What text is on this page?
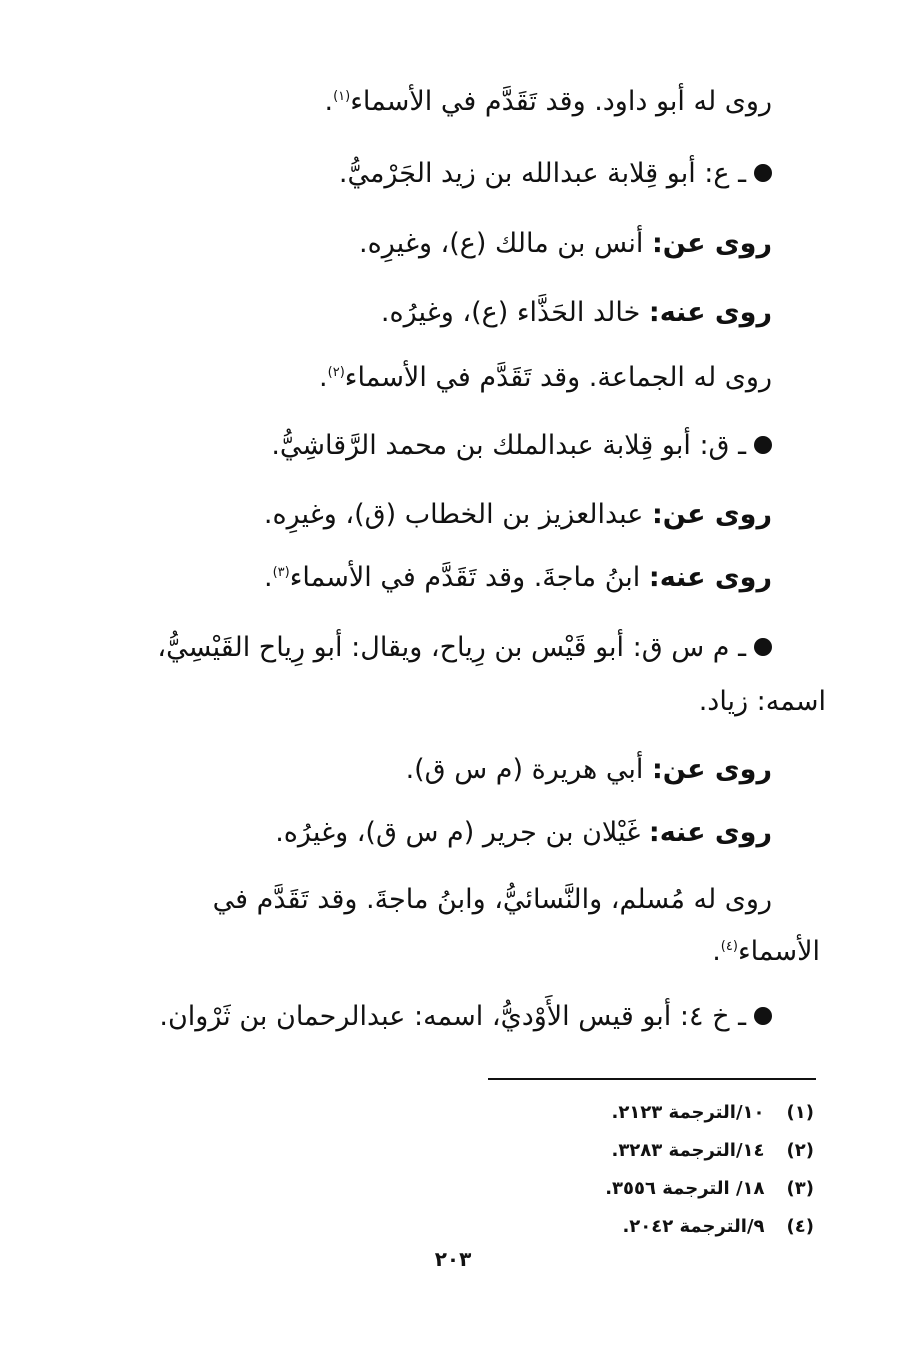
روى له أبو داود. وقد تَقَدَّم في الأسماء$^{(١)}$.
ـ ع: أبو قِلابة عبدالله بن زيد الجَرْميُّ.
روى عن: أنس بن مالك (ع)، وغيرِه.
روى عنه: خالد الحَذَّاء (ع)، وغيرُه.
روى له الجماعة. وقد تَقَدَّم في الأسماء$^{(٢)}$.
ـ ق: أبو قِلابة عبدالملك بن محمد الرَّقاشِيُّ.
روى عن: عبدالعزيز بن الخطاب (ق)، وغيرِه.
روى عنه: ابنُ ماجةَ. وقد تَقَدَّم في الأسماء$^{(٣)}$.
ـ م س ق: أبو قَيْس بن رِياح، ويقال: أبو رِياح القَيْسِيُّ،
اسمه: زياد.
روى عن: أبي هريرة (م س ق).
روى عنه: غَيْلان بن جرير (م س ق)، وغيرُه.
روى له مُسلم، والنَّسائيُّ، وابنُ ماجةَ. وقد تَقَدَّم في
الأسماء$^{(٤)}$.
ـ خ ٤: أبو قيس الأَوْديُّ، اسمه: عبدالرحمان بن ثَرْوان.
(١)١٠/الترجمة ٢١٢٣.
(٢)١٤/الترجمة ٣٢٨٣.
(٣)١٨/ الترجمة ٣٥٥٦.
(٤)٩/الترجمة ٢٠٤٢.
٢٠٣
